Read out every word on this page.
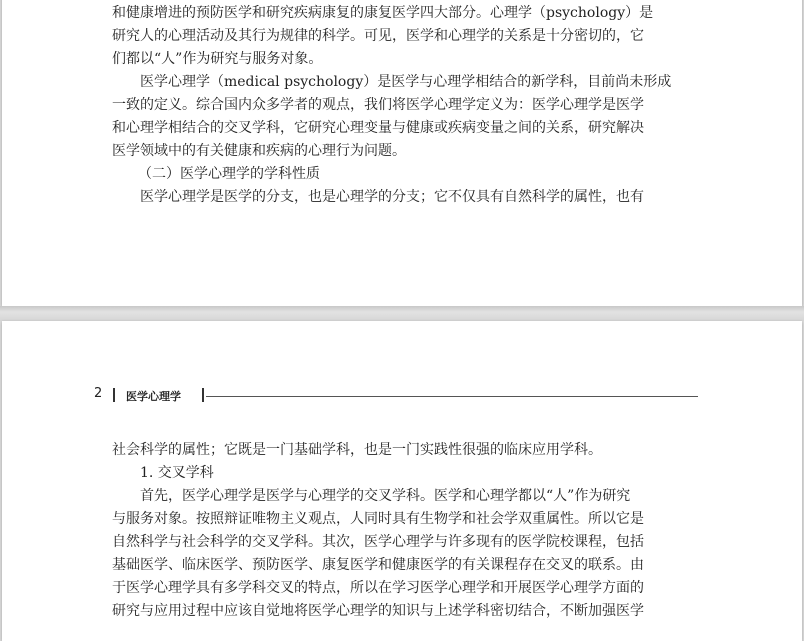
和健康增进的预防医学和研究疾病康复的康复医学四大部分。心理学（psychology）是
研究人的心理活动及其行为规律的科学。可见，医学和心理学的关系是十分密切的，它
们都以“人”作为研究与服务对象。
医学心理学（medical psychology）是医学与心理学相结合的新学科，目前尚未形成
一致的定义。综合国内众多学者的观点，我们将医学心理学定义为：医学心理学是医学
和心理学相结合的交叉学科，它研究心理变量与健康或疾病变量之间的关系，研究解决
医学领域中的有关健康和疾病的心理行为问题。
（二）医学心理学的学科性质
医学心理学是医学的分支，也是心理学的分支；它不仅具有自然科学的属性，也有
2 医学心理学
社会科学的属性；它既是一门基础学科，也是一门实践性很强的临床应用学科。
1. 交叉学科
首先，医学心理学是医学与心理学的交叉学科。医学和心理学都以“人”作为研究
与服务对象。按照辩证唯物主义观点，人同时具有生物学和社会学双重属性。所以它是
自然科学与社会科学的交叉学科。其次，医学心理学与许多现有的医学院校课程，包括
基础医学、临床医学、预防医学、康复医学和健康医学的有关课程存在交叉的联系。由
于医学心理学具有多学科交叉的特点，所以在学习医学心理学和开展医学心理学方面的
研究与应用过程中应该自觉地将医学心理学的知识与上述学科密切结合，不断加强医学
